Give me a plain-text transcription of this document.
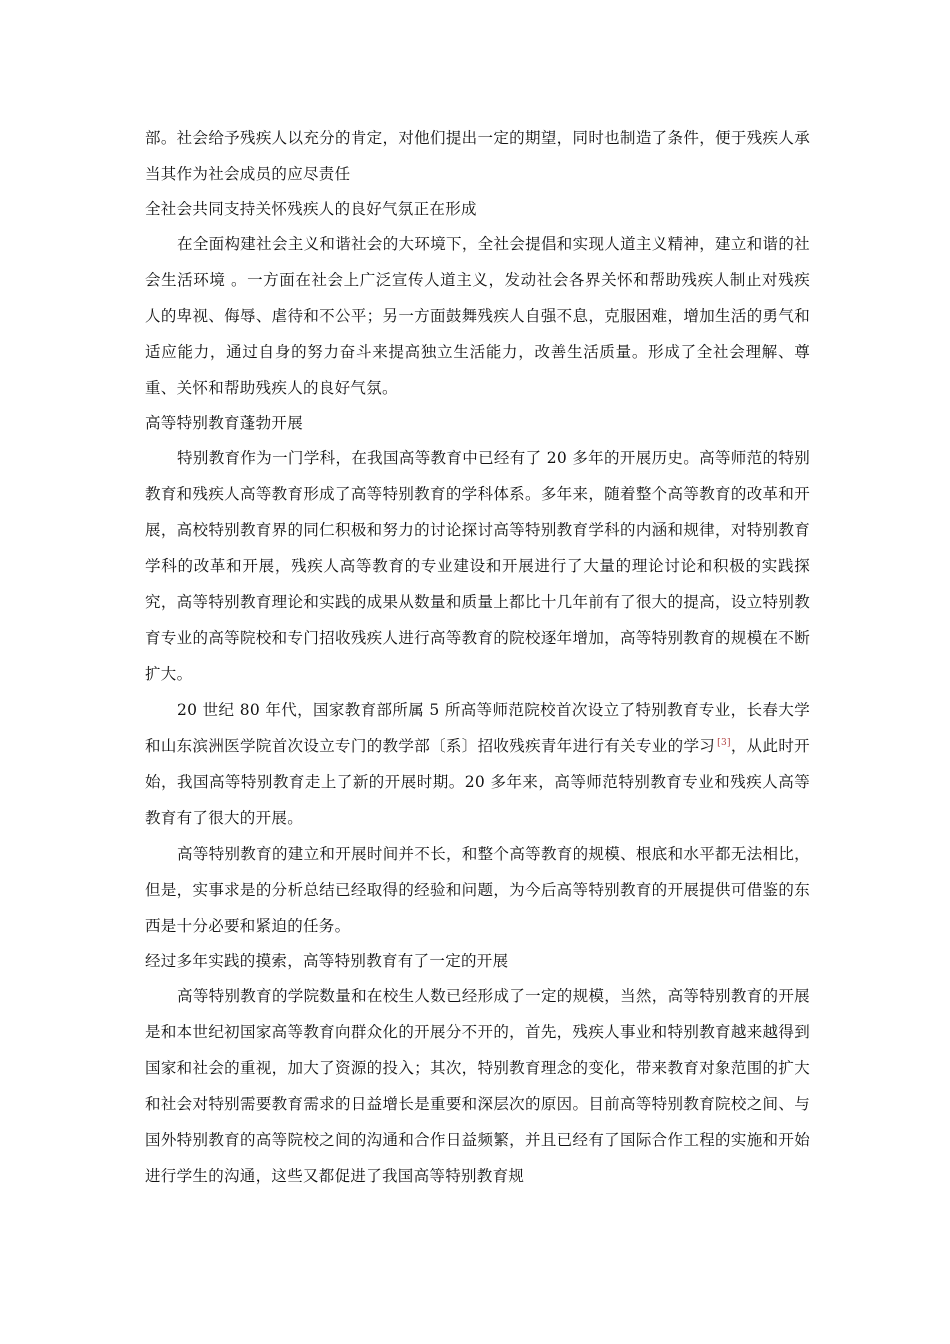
部。社会给予残疾人以充分的肯定，对他们提出一定的期望，同时也制造了条件，便于残疾人承当其作为社会成员的应尽责任

全社会共同支持关怀残疾人的良好气氛正在形成

在全面构建社会主义和谐社会的大环境下，全社会提倡和实现人道主义精神，建立和谐的社会生活环境 。一方面在社会上广泛宣传人道主义，发动社会各界关怀和帮助残疾人制止对残疾人的卑视、侮辱、虐待和不公平；另一方面鼓舞残疾人自强不息，克服困难，增加生活的勇气和适应能力，通过自身的努力奋斗来提高独立生活能力，改善生活质量。形成了全社会理解、尊重、关怀和帮助残疾人的良好气氛。

高等特别教育蓬勃开展

特别教育作为一门学科，在我国高等教育中已经有了 20 多年的开展历史。高等师范的特别教育和残疾人高等教育形成了高等特别教育的学科体系。多年来，随着整个高等教育的改革和开展，高校特别教育界的同仁积极和努力的讨论探讨高等特别教育学科的内涵和规律，对特别教育学科的改革和开展，残疾人高等教育的专业建设和开展进行了大量的理论讨论和积极的实践探究，高等特别教育理论和实践的成果从数量和质量上都比十几年前有了很大的提高，设立特别教育专业的高等院校和专门招收残疾人进行高等教育的院校逐年增加，高等特别教育的规模在不断扩大。

20 世纪 80 年代，国家教育部所属 5 所高等师范院校首次设立了特别教育专业，长春大学和山东滨洲医学院首次设立专门的教学部〔系〕招收残疾青年进行有关专业的学习 [3]，从此时开始，我国高等特别教育走上了新的开展时期。20 多年来，高等师范特别教育专业和残疾人高等教育有了很大的开展。

高等特别教育的建立和开展时间并不长，和整个高等教育的规模、根底和水平都无法相比，但是，实事求是的分析总结已经取得的经验和问题，为今后高等特别教育的开展提供可借鉴的东西是十分必要和紧迫的任务。

经过多年实践的摸索，高等特别教育有了一定的开展

高等特别教育的学院数量和在校生人数已经形成了一定的规模，当然，高等特别教育的开展是和本世纪初国家高等教育向群众化的开展分不开的，首先，残疾人事业和特别教育越来越得到国家和社会的重视，加大了资源的投入；其次，特别教育理念的变化，带来教育对象范围的扩大和社会对特别需要教育需求的日益增长是重要和深层次的原因。目前高等特别教育院校之间、与国外特别教育的高等院校之间的沟通和合作日益频繁，并且已经有了国际合作工程的实施和开始进行学生的沟通，这些又都促进了我国高等特别教育规
